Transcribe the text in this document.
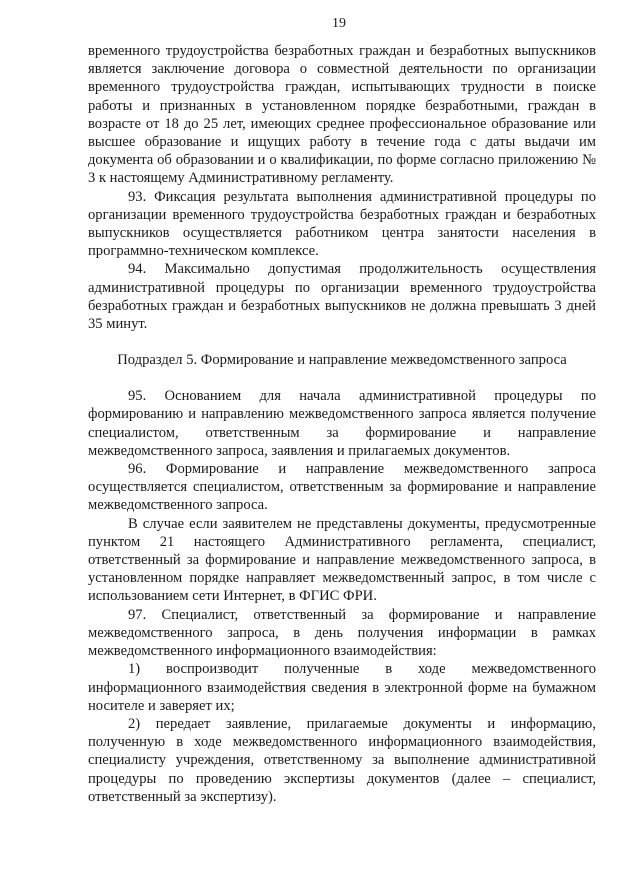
19

временного трудоустройства безработных граждан и безработных выпускников является заключение договора о совместной деятельности по организации временного трудоустройства граждан, испытывающих трудности в поиске работы и признанных в установленном порядке безработными, граждан в возрасте от 18 до 25 лет, имеющих среднее профессиональное образование или высшее образование и ищущих работу в течение года с даты выдачи им документа об образовании и о квалификации, по форме согласно приложению № 3 к настоящему Административному регламенту.

93. Фиксация результата выполнения административной процедуры по организации временного трудоустройства безработных граждан и безработных выпускников осуществляется работником центра занятости населения в программно-техническом комплексе.

94. Максимально допустимая продолжительность осуществления административной процедуры по организации временного трудоустройства безработных граждан и безработных выпускников не должна превышать 3 дней 35 минут.

Подраздел 5. Формирование и направление межведомственного запроса

95. Основанием для начала административной процедуры по формированию и направлению межведомственного запроса является получение специалистом, ответственным за формирование и направление межведомственного запроса, заявления и прилагаемых документов.

96. Формирование и направление межведомственного запроса осуществляется специалистом, ответственным за формирование и направление межведомственного запроса.

В случае если заявителем не представлены документы, предусмотренные пунктом 21 настоящего Административного регламента, специалист, ответственный за формирование и направление межведомственного запроса, в установленном порядке направляет межведомственный запрос, в том числе с использованием сети Интернет, в ФГИС ФРИ.

97. Специалист, ответственный за формирование и направление межведомственного запроса, в день получения информации в рамках межведомственного информационного взаимодействия:

1) воспроизводит полученные в ходе межведомственного информационного взаимодействия сведения в электронной форме на бумажном носителе и заверяет их;

2) передает заявление, прилагаемые документы и информацию, полученную в ходе межведомственного информационного взаимодействия, специалисту учреждения, ответственному за выполнение административной процедуры по проведению экспертизы документов (далее – специалист, ответственный за экспертизу).
